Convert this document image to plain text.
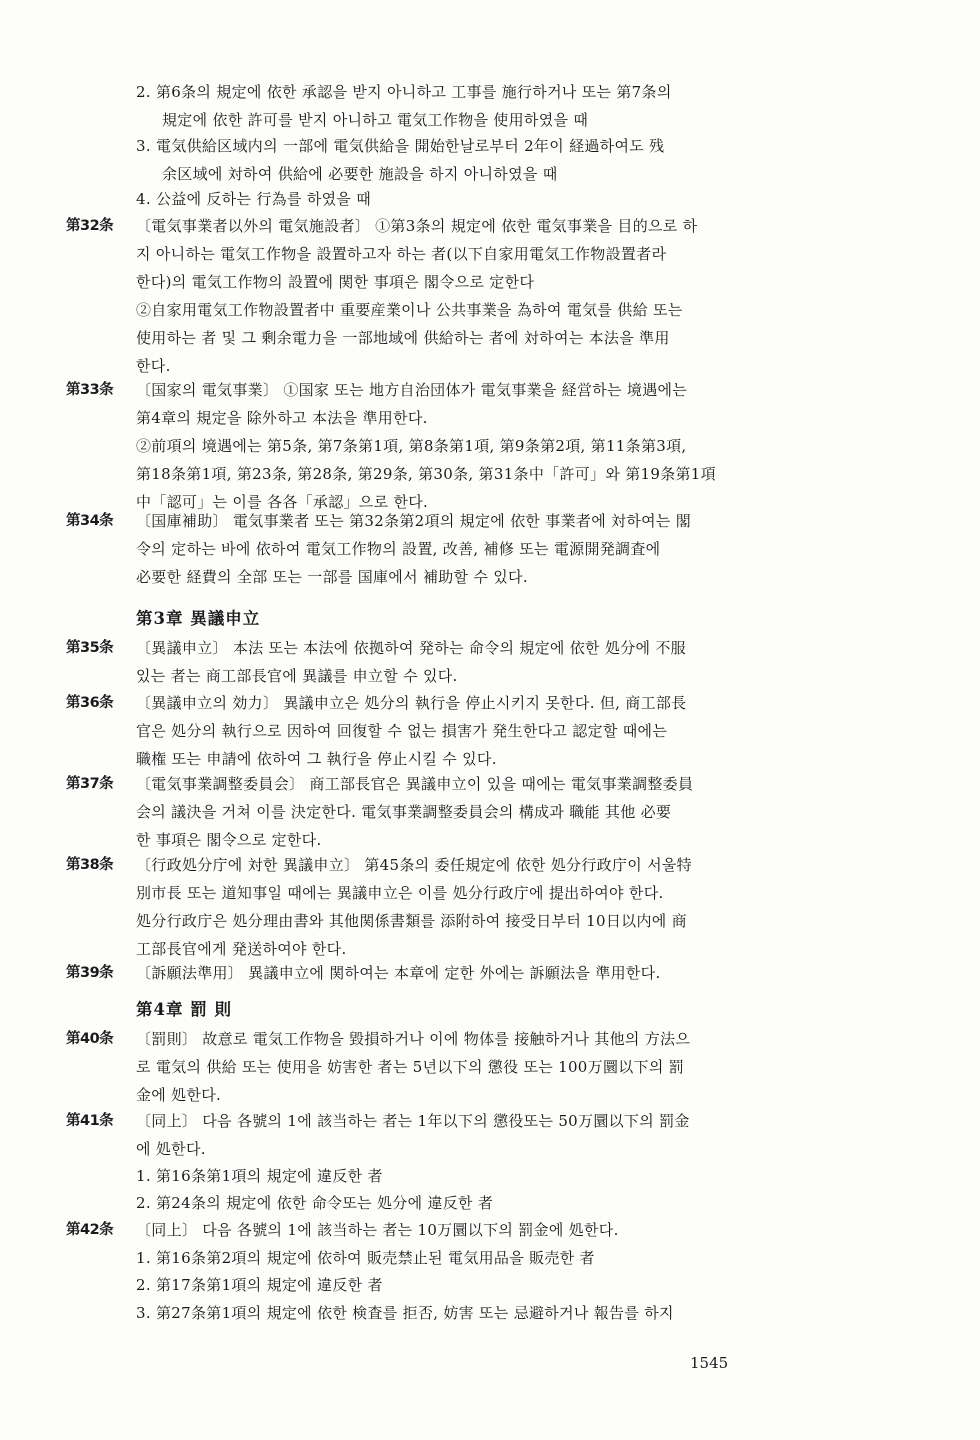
2. 第6条의 規定에 依한 承認을 받지 아니하고 工事를 施行하거나 또는 第7条의
規定에 依한 許可를 받지 아니하고 電気工作物을 使用하였을 때
3. 電気供給区域内의 一部에 電気供給을 開始한날로부터 2年이 経過하여도 残
余区域에 対하여 供給에 必要한 施設을 하지 아니하였을 때
4. 公益에 反하는 行為를 하였을 때
第32条 〔電気事業者以外의 電気施設者〕 ①第3条의 規定에 依한 電気事業을 目的으로 하
지 아니하는 電気工作物을 設置하고자 하는 者(以下自家用電気工作物設置者라
한다)의 電気工作物의 設置에 関한 事項은 閣令으로 定한다
②自家用電気工作物設置者中 重要産業이나 公共事業을 為하여 電気를 供給 또는
使用하는 者 및 그 剰余電力을 一部地域에 供給하는 者에 対하여는 本法을 準用
한다.
第33条 〔国家의 電気事業〕 ①国家 또는 地方自治団体가 電気事業을 経営하는 境遇에는
第4章의 規定을 除外하고 本法을 準用한다.
②前項의 境遇에는 第5条, 第7条第1項, 第8条第1項, 第9条第2項, 第11条第3項,
第18条第1項, 第23条, 第28条, 第29条, 第30条, 第31条中「許可」와 第19条第1項
中「認可」는 이를 各各「承認」으로 한다.
第34条 〔国庫補助〕 電気事業者 또는 第32条第2項의 規定에 依한 事業者에 対하여는 閣
令의 定하는 바에 依하여 電気工作物의 設置, 改善, 補修 또는 電源開発調査에
必要한 経費의 全部 또는 一部를 国庫에서 補助할 수 있다.
第3章 異議申立
第35条 〔異議申立〕 本法 또는 本法에 依拠하여 発하는 命令의 規定에 依한 処分에 不服
있는 者는 商工部長官에 異議를 申立할 수 있다.
第36条 〔異議申立의 効力〕 異議申立은 処分의 執行을 停止시키지 못한다. 但, 商工部長
官은 処分의 執行으로 因하여 回復할 수 없는 損害가 発生한다고 認定할 때에는
職権 또는 申請에 依하여 그 執行을 停止시킬 수 있다.
第37条 〔電気事業調整委員会〕 商工部長官은 異議申立이 있을 때에는 電気事業調整委員
会의 議決을 거쳐 이를 決定한다. 電気事業調整委員会의 構成과 職能 其他 必要
한 事項은 閣令으로 定한다.
第38条 〔行政処分庁에 対한 異議申立〕 第45条의 委任規定에 依한 処分行政庁이 서울特
別市長 또는 道知事일 때에는 異議申立은 이를 処分行政庁에 提出하여야 한다.
処分行政庁은 処分理由書와 其他関係書類를 添附하여 接受日부터 10日以内에 商
工部長官에게 発送하여야 한다.
第39条 〔訴願法準用〕 異議申立에 関하여는 本章에 定한 外에는 訴願法을 準用한다.
第4章 罰 則
第40条 〔罰則〕 故意로 電気工作物을 毀損하거나 이에 物体를 接触하거나 其他의 方法으
로 電気의 供給 또는 使用을 妨害한 者는 5년以下의 懲役 또는 100万圜以下의 罰
金에 処한다.
第41条 〔同上〕 다음 各號의 1에 該当하는 者는 1年以下의 懲役또는 50万圜以下의 罰金
에 処한다.
1. 第16条第1項의 規定에 違反한 者
2. 第24条의 規定에 依한 命令또는 処分에 違反한 者
第42条 〔同上〕 다음 各號의 1에 該当하는 者는 10万圜以下의 罰金에 処한다.
1. 第16条第2項의 規定에 依하여 販売禁止된 電気用品을 販売한 者
2. 第17条第1項의 規定에 違反한 者
3. 第27条第1項의 規定에 依한 検査를 拒否, 妨害 또는 忌避하거나 報告를 하지
1545
